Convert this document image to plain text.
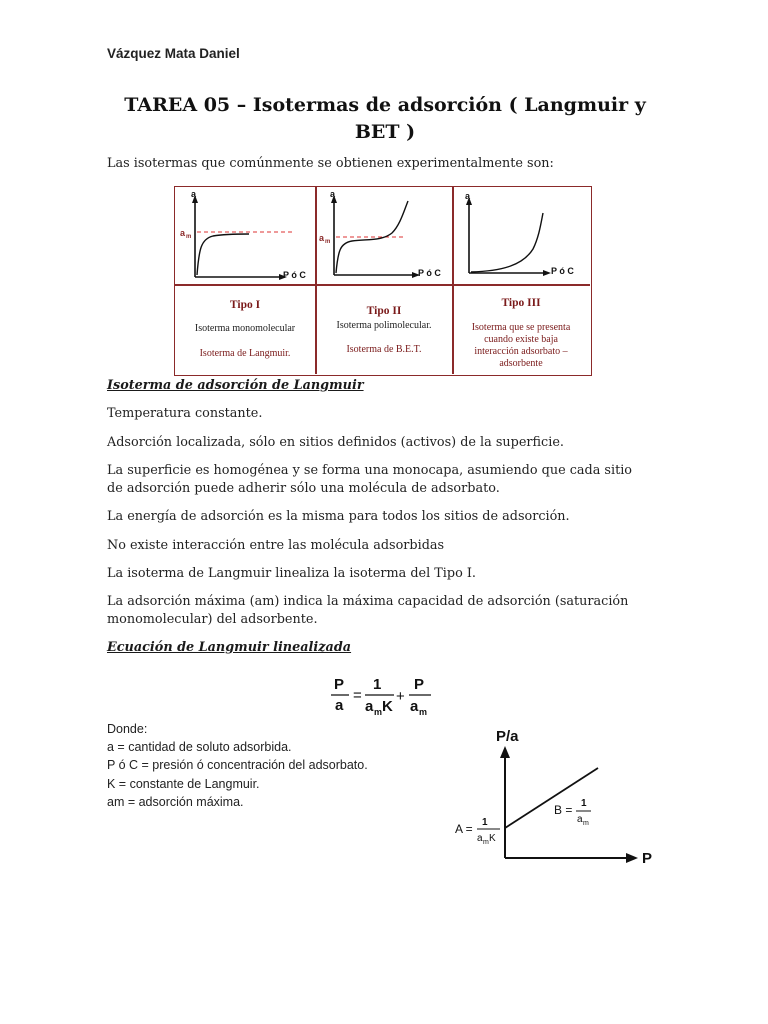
Vázquez Mata Daniel
TAREA 05 – Isotermas de adsorción ( Langmuir y
BET )
Las isotermas que comúnmente se obtienen experimentalmente son:
a
a m
P ó C
a
a m
P ó C
a
P ó C
Tipo I
Isoterma monomolecular
Isoterma de Langmuir.
Tipo II
Isoterma polimolecular.
Isoterma de B.E.T.
Tipo III
Isoterma que se presenta
cuando existe baja
interacción adsorbato –
adsorbente
Isoterma de adsorción de Langmuir
Temperatura constante.
Adsorción localizada, sólo en sitios definidos (activos) de la superficie.
La superficie es homogénea y se forma una monocapa, asumiendo que cada sitio
de adsorción puede adherir sólo una molécula de adsorbato.
La energía de adsorción es la misma para todos los sitios de adsorción.
No existe interacción entre las molécula adsorbidas
La isoterma de Langmuir linealiza la isoterma del Tipo I.
La adsorción máxima (am) indica la máxima capacidad de adsorción (saturación
monomolecular) del adsorbente.
Ecuación de Langmuir linealizada
P
a
=
1
a m K
+
P
a m
Donde:
a = cantidad de soluto adsorbida.
P ó C = presión ó concentración del adsorbato.
K = constante de Langmuir.
am = adsorción máxima.
P/a
P
A = 1
a m K
B = 1
a m
